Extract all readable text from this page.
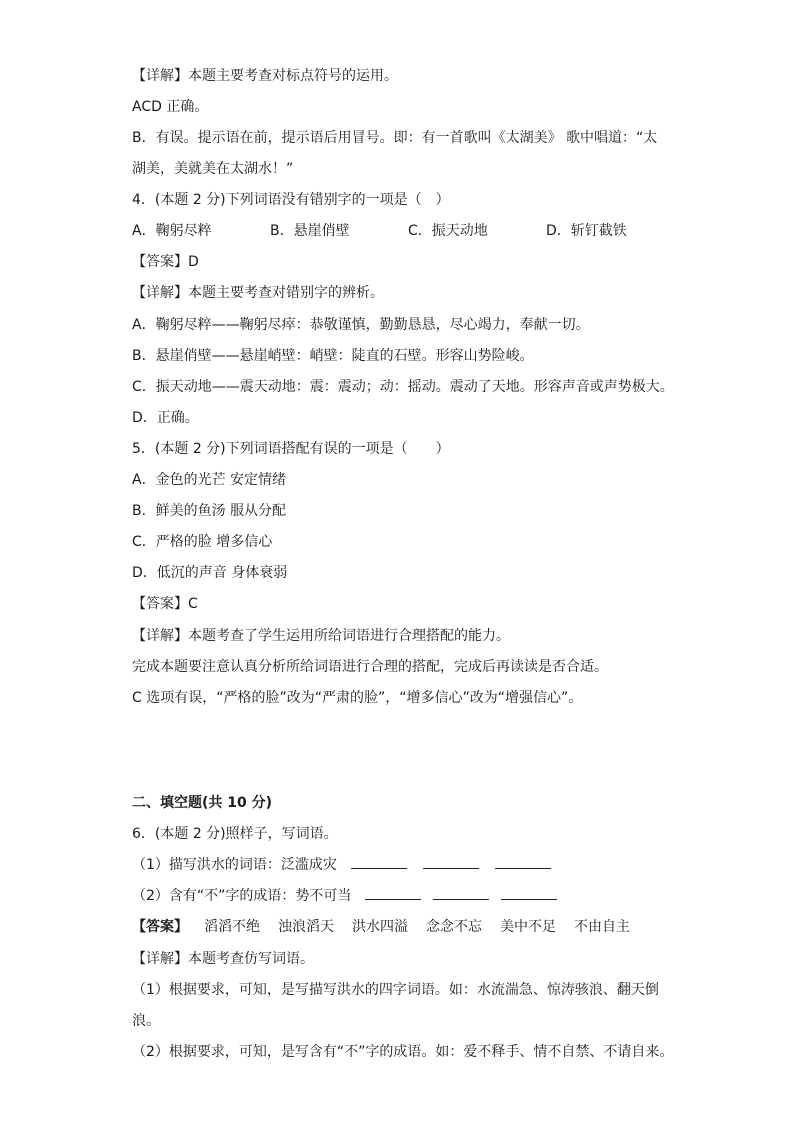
【详解】本题主要考查对标点符号的运用。
ACD 正确。
B．有误。提示语在前，提示语后用冒号。即：有一首歌叫《太湖美》 歌中唱道：“太
湖美，美就美在太湖水！”
4．(本题 2 分)下列词语没有错别字的一项是（　）
A．鞠躬尽粹	B．悬崖俏壁	C．振天动地	D．斩钉截铁
【答案】D
【详解】本题主要考查对错别字的辨析。
A．鞠躬尽粹——鞠躬尽瘁：恭敬谨慎，勤勤恳恳，尽心竭力，奉献一切。
B．悬崖俏壁——悬崖峭壁：峭壁：陡直的石壁。形容山势险峻。
C．振天动地——震天动地：震：震动；动：摇动。震动了天地。形容声音或声势极大。
D．正确。
5．(本题 2 分)下列词语搭配有误的一项是（　　）
A．金色的光芒 安定情绪
B．鲜美的鱼汤 服从分配
C．严格的脸 增多信心
D．低沉的声音 身体衰弱
【答案】C
【详解】本题考查了学生运用所给词语进行合理搭配的能力。
完成本题要注意认真分析所给词语进行合理的搭配，完成后再读读是否合适。
C 选项有误，“严格的脸”改为“严肃的脸”，“增多信心”改为“增强信心”。
二、填空题(共 10 分)
6．(本题 2 分)照样子，写词语。
（1）描写洪水的词语：泛滥成灾
（2）含有“不”字的成语：势不可当
【答案】 滔滔不绝 浊浪滔天 洪水四溢 念念不忘 美中不足 不由自主
【详解】本题考查仿写词语。
（1）根据要求，可知，是写描写洪水的四字词语。如：水流湍急、惊涛骇浪、翻天倒
浪。
（2）根据要求，可知，是写含有“不”字的成语。如：爱不释手、情不自禁、不请自来。
